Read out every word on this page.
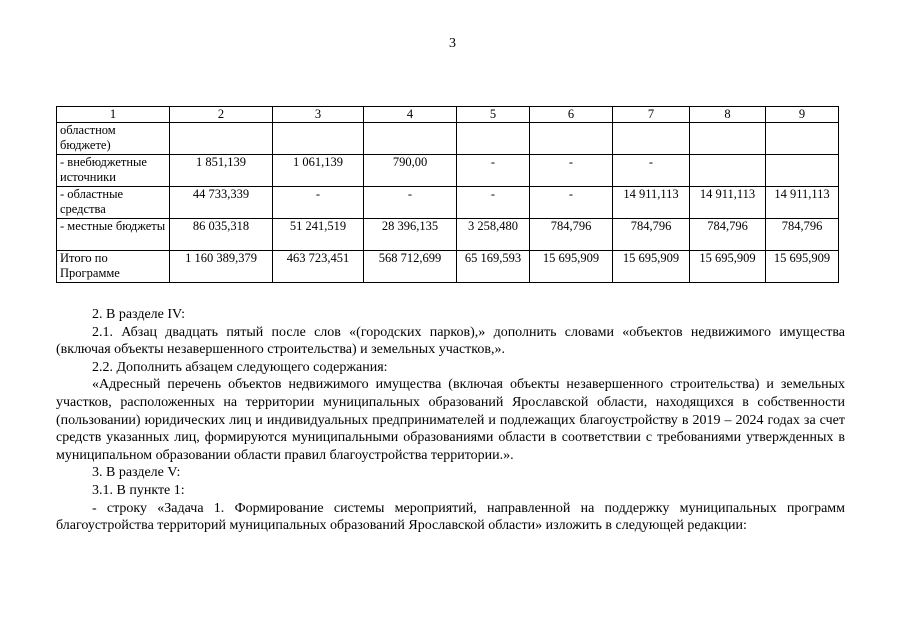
3
1	2	3	4	5	6	7	8	9
областном бюджете)								
- внебюджетные источники	1 851,139	1 061,139	790,00	-	-	-		
- областные средства	44 733,339	-	-	-	-	14 911,113	14 911,113	14 911,113
- местные бюджеты	86 035,318	51 241,519	28 396,135	3 258,480	784,796	784,796	784,796	784,796
Итого по Программе	1 160 389,379	463 723,451	568 712,699	65 169,593	15 695,909	15 695,909	15 695,909	15 695,909

2. В разделе IV:

2.1. Абзац двадцать пятый после слов «(городских парков),» дополнить словами «объектов недвижимого имущества (включая объекты незавершенного строительства) и земельных участков,».

2.2. Дополнить абзацем следующего содержания:

«Адресный перечень объектов недвижимого имущества (включая объекты незавершенного строительства) и земельных участков, расположенных на территории муниципальных образований Ярославской области, находящихся в собственности (пользовании) юридических лиц и индивидуальных предпринимателей и подлежащих благоустройству в 2019 – 2024 годах за счет средств указанных лиц, формируются муниципальными образованиями области в соответствии с требованиями утвержденных в муниципальном образовании области правил благоустройства территории.».

3. В разделе V:

3.1. В пункте 1:

- строку «Задача 1. Формирование системы мероприятий, направленной на поддержку муниципальных программ благоустройства территорий муниципальных образований Ярославской области» изложить в следующей редакции:
